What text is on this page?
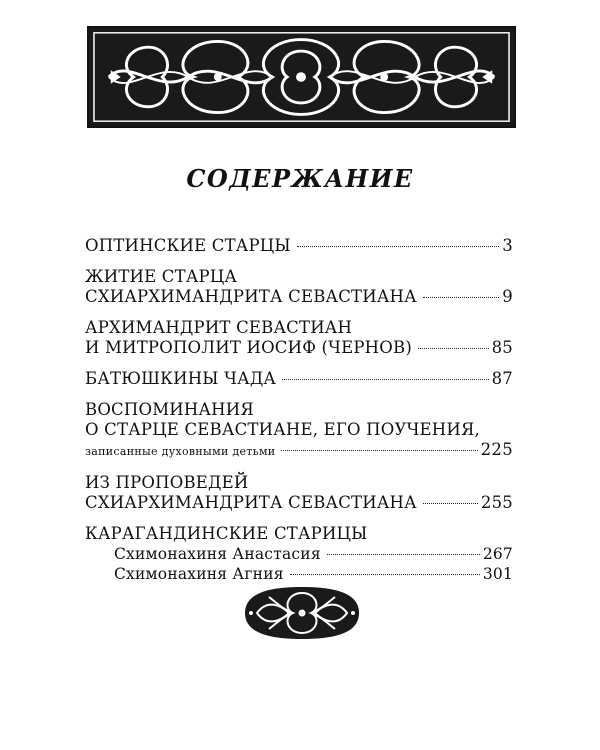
СОДЕРЖАНИЕ
ОПТИНСКИЕ СТАРЦЫ	3
ЖИТИЕ СТАРЦА
СХИАРХИМАНДРИТА СЕВАСТИАНА	9
АРХИМАНДРИТ СЕВАСТИАН
И МИТРОПОЛИТ ИОСИФ (ЧЕРНОВ)	85
БАТЮШКИНЫ ЧАДА	87
ВОСПОМИНАНИЯ
О СТАРЦЕ СЕВАСТИАНЕ, ЕГО ПОУЧЕНИЯ,
записанные духовными детьми	225
ИЗ ПРОПОВЕДЕЙ
СХИАРХИМАНДРИТА СЕВАСТИАНА	255
КАРАГАНДИНСКИЕ СТАРИЦЫ
Схимонахиня Анастасия	267
Схимонахиня Агния	301
